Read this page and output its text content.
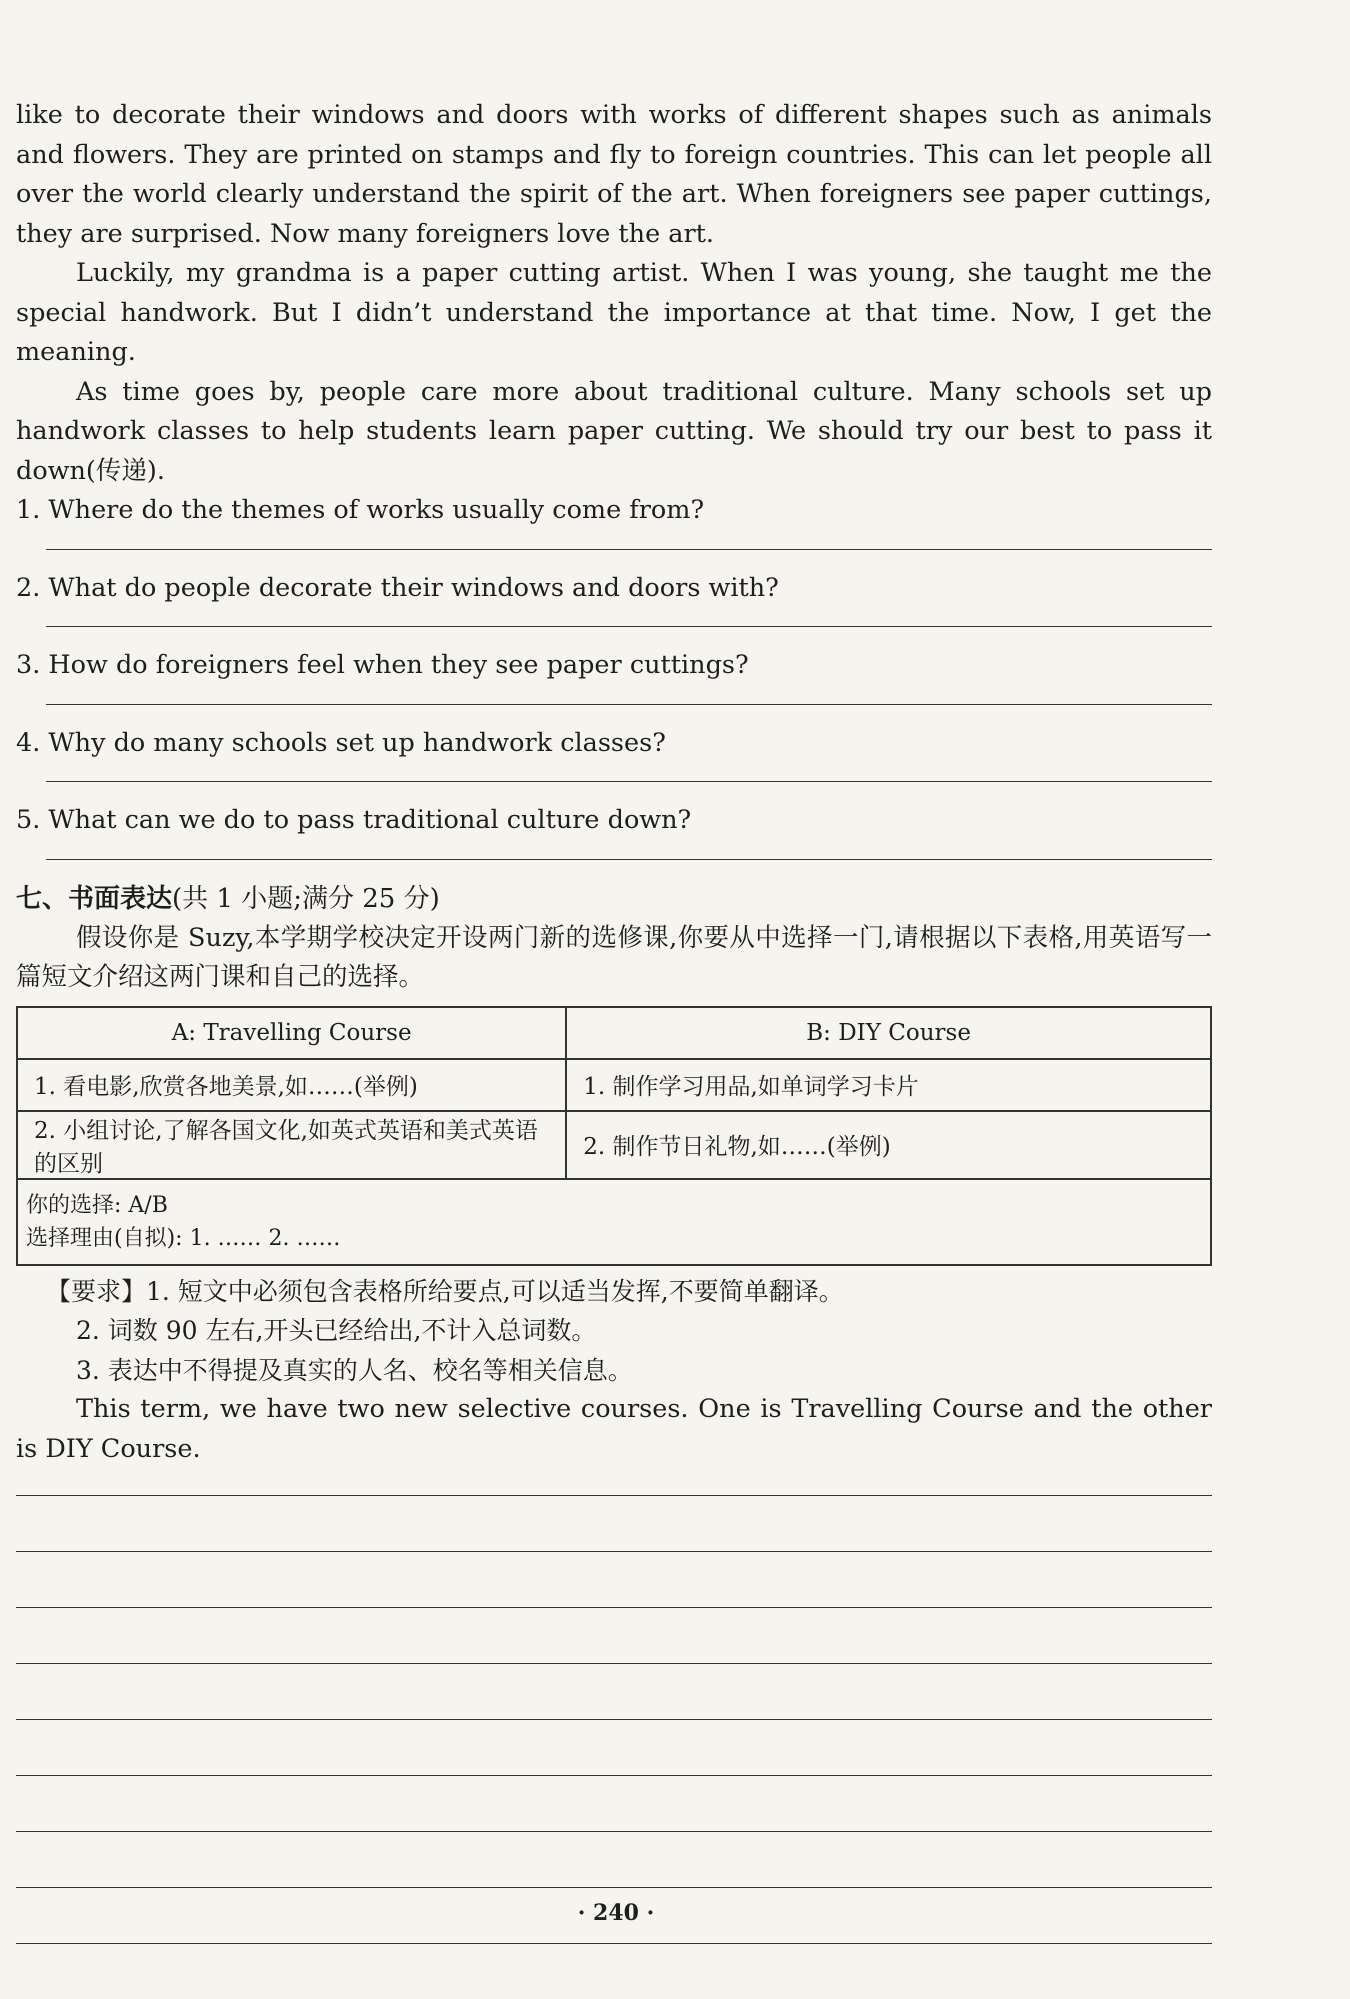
like to decorate their windows and doors with works of different shapes such as animals and flowers. They are printed on stamps and fly to foreign countries. This can let people all over the world clearly understand the spirit of the art. When foreigners see paper cuttings, they are surprised. Now many foreigners love the art.

Luckily, my grandma is a paper cutting artist. When I was young, she taught me the special handwork. But I didn’t understand the importance at that time. Now, I get the meaning.

As time goes by, people care more about traditional culture. Many schools set up handwork classes to help students learn paper cutting. We should try our best to pass it down(传递).

1. Where do the themes of works usually come from?

2. What do people decorate their windows and doors with?

3. How do foreigners feel when they see paper cuttings?

4. Why do many schools set up handwork classes?

5. What can we do to pass traditional culture down?

七、书面表达(共 1 小题;满分 25 分)

假设你是 Suzy,本学期学校决定开设两门新的选修课,你要从中选择一门,请根据以下表格,用英语写一篇短文介绍这两门课和自己的选择。

A: Travelling Course	B: DIY Course
1. 看电影,欣赏各地美景,如……(举例)	1. 制作学习用品,如单词学习卡片
2. 小组讨论,了解各国文化,如英式英语和美式英语的区别	2. 制作节日礼物,如……(举例)

你的选择: A/B
选择理由(自拟): 1. …… 2. ……	

【要求】1. 短文中必须包含表格所给要点,可以适当发挥,不要简单翻译。

2. 词数 90 左右,开头已经给出,不计入总词数。

3. 表达中不得提及真实的人名、校名等相关信息。

This term, we have two new selective courses. One is Travelling Course and the other is DIY Course.

· 240 ·
